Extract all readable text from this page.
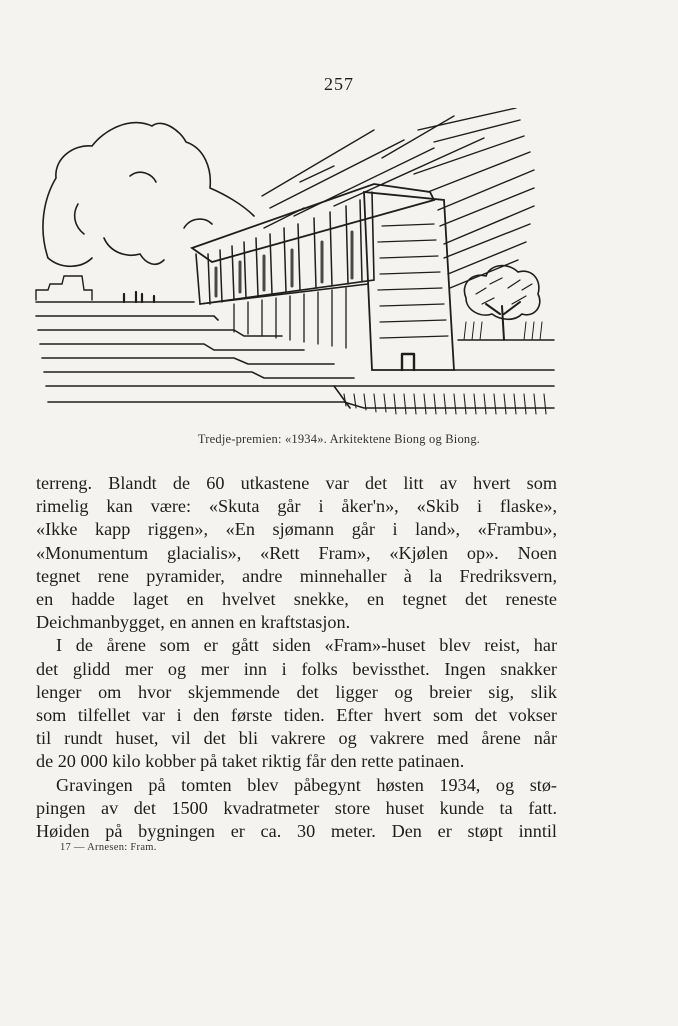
257
Tredje-premien: «1934». Arkitektene Biong og Biong.

terreng. Blandt de 60 utkastene var det litt av hvert som

rimelig kan være: «Skuta går i åker'n», «Skib i flaske»,

«Ikke kapp riggen», «En sjømann går i land», «Frambu»,

«Monumentum glacialis», «Rett Fram», «Kjølen op». Noen

tegnet rene pyramider, andre minnehaller à la Fredriksvern,

en hadde laget en hvelvet snekke, en tegnet det reneste

Deichmanbygget, en annen en kraftstasjon.

I de årene som er gått siden «Fram»-huset blev reist, har

det glidd mer og mer inn i folks bevissthet. Ingen snakker

lenger om hvor skjemmende det ligger og breier sig, slik

som tilfellet var i den første tiden. Efter hvert som det vokser

til rundt huset, vil det bli vakrere og vakrere med årene når

de 20 000 kilo kobber på taket riktig får den rette patinaen.

Gravingen på tomten blev påbegynt høsten 1934, og stø-

pingen av det 1500 kvadratmeter store huset kunde ta fatt.

Høiden på bygningen er ca. 30 meter. Den er støpt inntil

17 — Arnesen: Fram.
